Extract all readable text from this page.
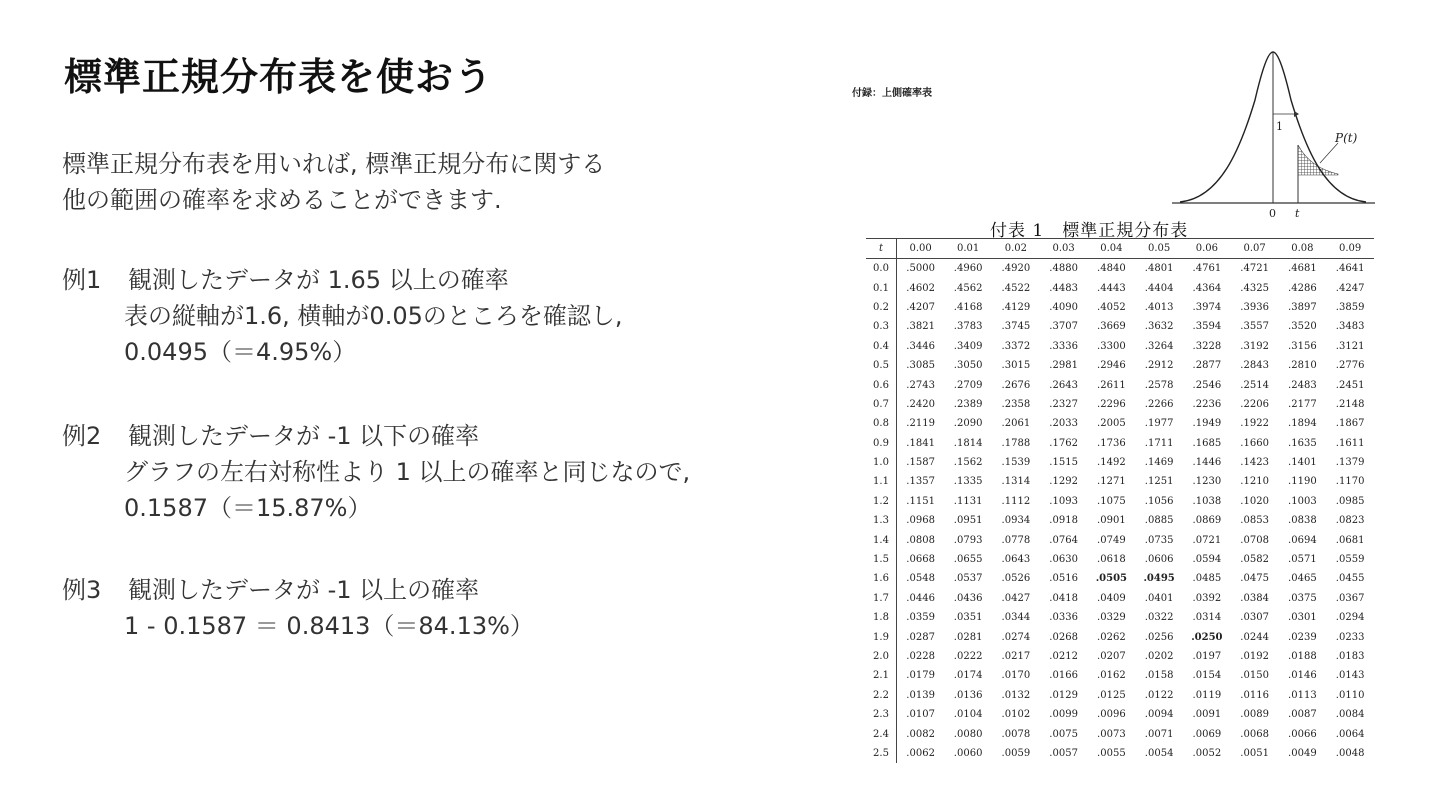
標準正規分布表を使おう
標準正規分布表を用いれば, 標準正規分布に関する
他の範囲の確率を求めることができます.
例1 観測したデータが 1.65 以上の確率
表の縦軸が1.6, 横軸が0.05のところを確認し,
0.0495（＝4.95%）
例2 観測したデータが -1 以下の確率
グラフの左右対称性より 1 以上の確率と同じなので,
0.1587（＝15.87%）
例3 観測したデータが -1 以上の確率
1 - 0.1587 ＝ 0.8413（＝84.13%）
付録：上側確率表
1
P(t)
0 t
付表 1　標準正規分布表
t	0.00	0.01	0.02	0.03	0.04	0.05	0.06	0.07	0.08	0.09
0.0	.5000	.4960	.4920	.4880	.4840	.4801	.4761	.4721	.4681	.4641
0.1	.4602	.4562	.4522	.4483	.4443	.4404	.4364	.4325	.4286	.4247
0.2	.4207	.4168	.4129	.4090	.4052	.4013	.3974	.3936	.3897	.3859
0.3	.3821	.3783	.3745	.3707	.3669	.3632	.3594	.3557	.3520	.3483
0.4	.3446	.3409	.3372	.3336	.3300	.3264	.3228	.3192	.3156	.3121
0.5	.3085	.3050	.3015	.2981	.2946	.2912	.2877	.2843	.2810	.2776
0.6	.2743	.2709	.2676	.2643	.2611	.2578	.2546	.2514	.2483	.2451
0.7	.2420	.2389	.2358	.2327	.2296	.2266	.2236	.2206	.2177	.2148
0.8	.2119	.2090	.2061	.2033	.2005	.1977	.1949	.1922	.1894	.1867
0.9	.1841	.1814	.1788	.1762	.1736	.1711	.1685	.1660	.1635	.1611
1.0	.1587	.1562	.1539	.1515	.1492	.1469	.1446	.1423	.1401	.1379
1.1	.1357	.1335	.1314	.1292	.1271	.1251	.1230	.1210	.1190	.1170
1.2	.1151	.1131	.1112	.1093	.1075	.1056	.1038	.1020	.1003	.0985
1.3	.0968	.0951	.0934	.0918	.0901	.0885	.0869	.0853	.0838	.0823
1.4	.0808	.0793	.0778	.0764	.0749	.0735	.0721	.0708	.0694	.0681
1.5	.0668	.0655	.0643	.0630	.0618	.0606	.0594	.0582	.0571	.0559
1.6	.0548	.0537	.0526	.0516	.0505	.0495	.0485	.0475	.0465	.0455
1.7	.0446	.0436	.0427	.0418	.0409	.0401	.0392	.0384	.0375	.0367
1.8	.0359	.0351	.0344	.0336	.0329	.0322	.0314	.0307	.0301	.0294
1.9	.0287	.0281	.0274	.0268	.0262	.0256	.0250	.0244	.0239	.0233
2.0	.0228	.0222	.0217	.0212	.0207	.0202	.0197	.0192	.0188	.0183
2.1	.0179	.0174	.0170	.0166	.0162	.0158	.0154	.0150	.0146	.0143
2.2	.0139	.0136	.0132	.0129	.0125	.0122	.0119	.0116	.0113	.0110
2.3	.0107	.0104	.0102	.0099	.0096	.0094	.0091	.0089	.0087	.0084
2.4	.0082	.0080	.0078	.0075	.0073	.0071	.0069	.0068	.0066	.0064
2.5	.0062	.0060	.0059	.0057	.0055	.0054	.0052	.0051	.0049	.0048
